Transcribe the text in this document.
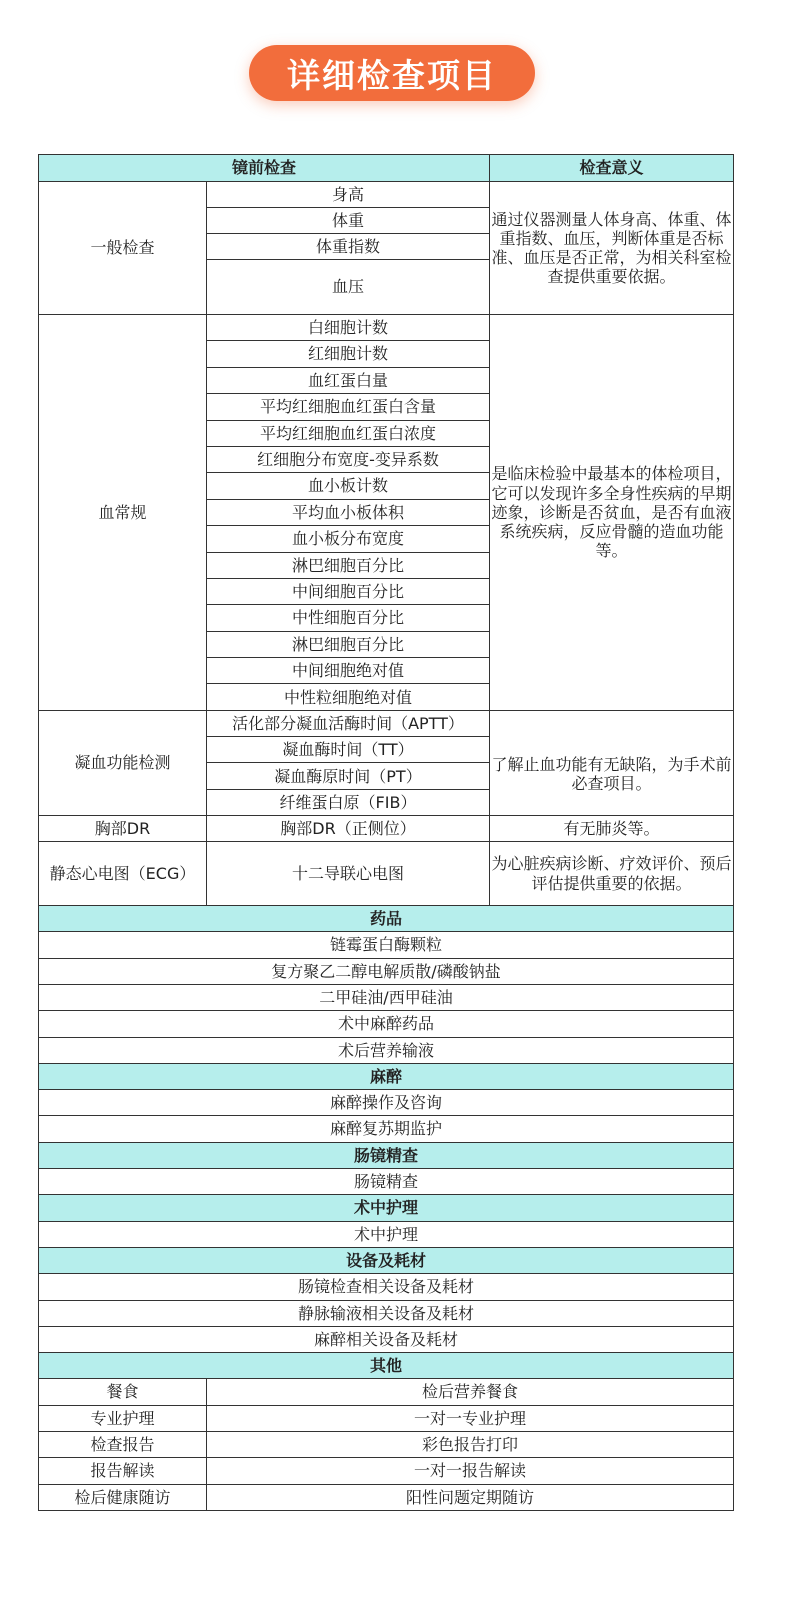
详细检查项目
镜前检查		检查意义
一般检查	身高	通过仪器测量人体身高、体重、体重指数、血压，判断体重是否标准、血压是否正常，为相关科室检查提供重要依据。
	体重	
	体重指数	
	血压	
血常规	白细胞计数	是临床检验中最基本的体检项目，它可以发现许多全身性疾病的早期迹象，诊断是否贫血，是否有血液系统疾病，反应骨髓的造血功能等。
	红细胞计数	
	血红蛋白量	
	平均红细胞血红蛋白含量	
	平均红细胞血红蛋白浓度	
	红细胞分布宽度-变异系数	
	血小板计数	
	平均血小板体积	
	血小板分布宽度	
	淋巴细胞百分比	
	中间细胞百分比	
	中性细胞百分比	
	淋巴细胞百分比	
	中间细胞绝对值	
	中性粒细胞绝对值	
凝血功能检测	活化部分凝血活酶时间（APTT）	了解止血功能有无缺陷，为手术前必查项目。
	凝血酶时间（TT）	
	凝血酶原时间（PT）	
	纤维蛋白原（FIB）	
胸部DR	胸部DR（正侧位）	有无肺炎等。
静态心电图（ECG）	十二导联心电图	为心脏疾病诊断、疗效评价、预后评估提供重要的依据。
药品		
链霉蛋白酶颗粒		
复方聚乙二醇电解质散/磷酸钠盐		
二甲硅油/西甲硅油		
术中麻醉药品		
术后营养输液		
麻醉		
麻醉操作及咨询		
麻醉复苏期监护		
肠镜精查		
肠镜精查		
术中护理		
术中护理		
设备及耗材		
肠镜检查相关设备及耗材		
静脉输液相关设备及耗材		
麻醉相关设备及耗材		
其他		
餐食	检后营养餐食	
专业护理	一对一专业护理	
检查报告	彩色报告打印	
报告解读	一对一报告解读	
检后健康随访	阳性问题定期随访	
